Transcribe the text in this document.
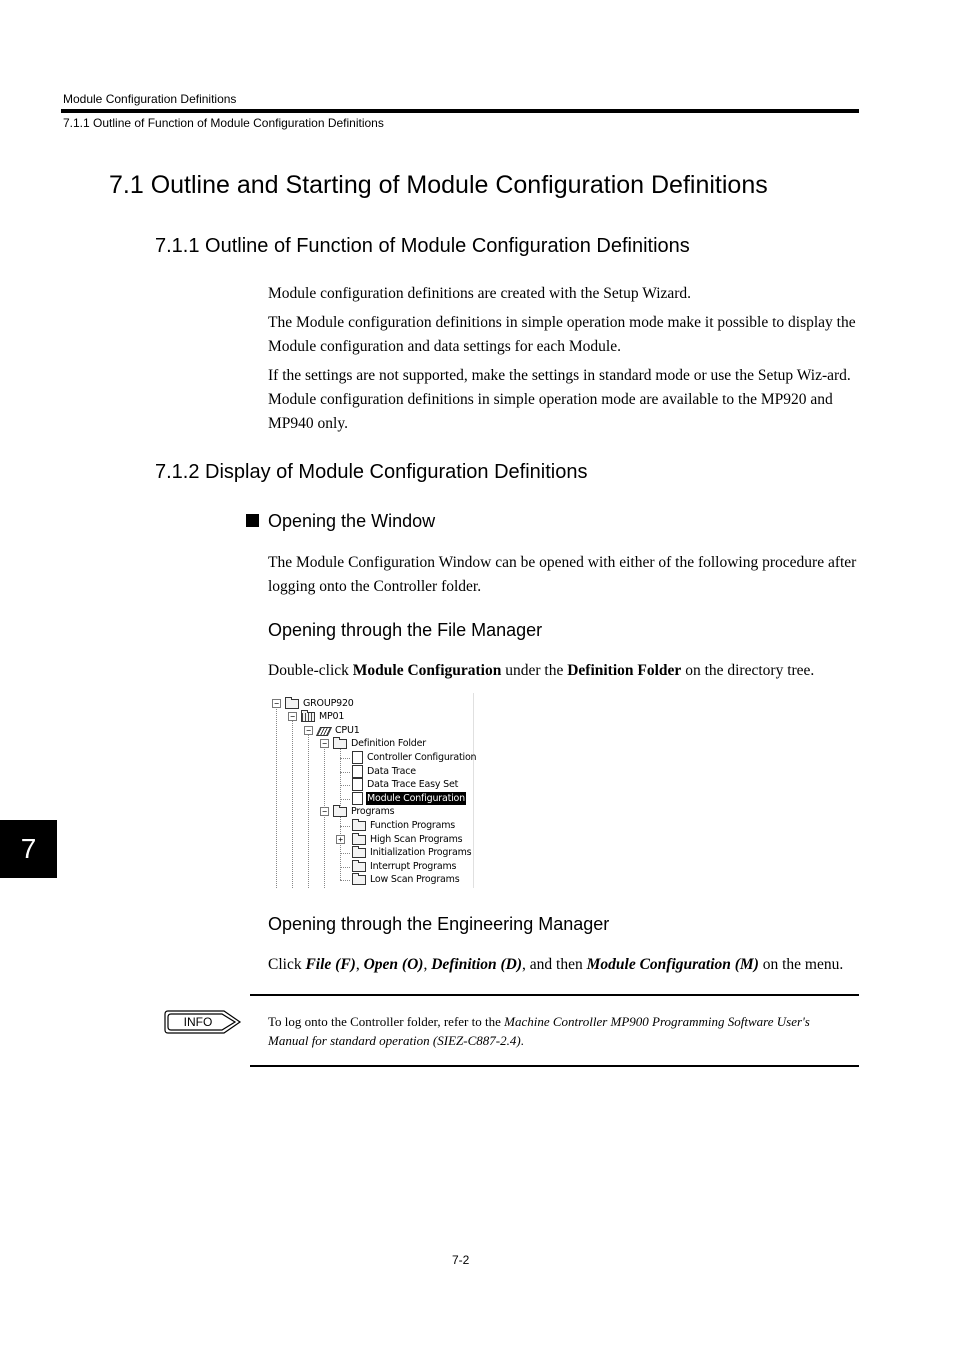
Module Configuration Definitions
7.1.1 Outline of Function of Module Configuration Definitions
7.1 Outline and Starting of Module Configuration Definitions
7.1.1 Outline of Function of Module Configuration Definitions

Module configuration definitions are created with the Setup Wizard.

The Module configuration definitions in simple operation mode make it possible to display the Module configuration and data settings for each Module.

If the settings are not supported, make the settings in standard mode or use the Setup Wiz-ard. Module configuration definitions in simple operation mode are available to the MP920 and MP940 only.

7.1.2 Display of Module Configuration Definitions
Opening the Window
The Module Configuration Window can be opened with either of the following procedure after logging onto the Controller folder.
Opening through the File Manager
Double-click Module Configuration under the Definition Folder on the directory tree.
−	GROUP920
−	MP01
−	CPU1
−	Definition Folder
Controller Configuration
Data Trace
Data Trace Easy Set
Module Configuration
−	Programs
Function Programs
+	High Scan Programs
Initialization Programs
Interrupt Programs
Low Scan Programs
Opening through the Engineering Manager
Click File (F), Open (O), Definition (D), and then Module Configuration (M) on the menu.
INFO	To log onto the Controller folder, refer to the Machine Controller MP900 Programming Software User's Manual for standard operation (SIEZ-C887-2.4).
7
7-2
